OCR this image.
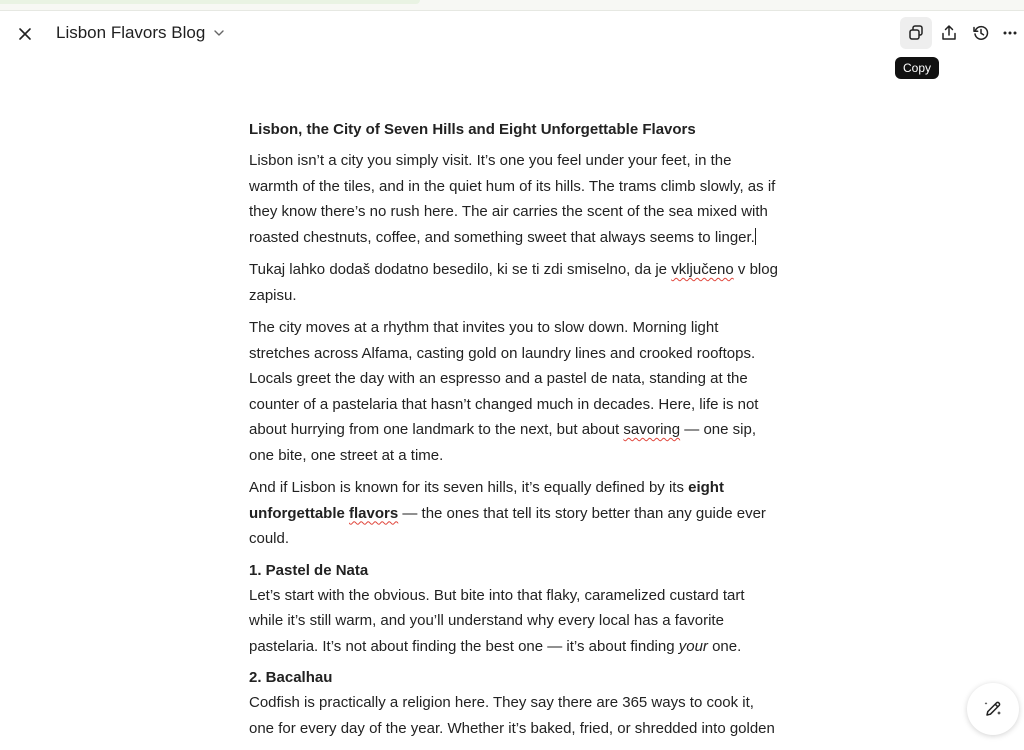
Lisbon Flavors Blog
Copy
Lisbon, the City of Seven Hills and Eight Unforgettable Flavors

Lisbon isn’t a city you simply visit. It’s one you feel under your feet, in the warmth of the tiles, and in the quiet hum of its hills. The trams climb slowly, as if they know there’s no rush here. The air carries the scent of the sea mixed with roasted chestnuts, coffee, and something sweet that always seems to linger.

Tukaj lahko dodaš dodatno besedilo, ki se ti zdi smiselno, da je vključeno v blog zapisu.

The city moves at a rhythm that invites you to slow down. Morning light stretches across Alfama, casting gold on laundry lines and crooked rooftops. Locals greet the day with an espresso and a pastel de nata, standing at the counter of a pastelaria that hasn’t changed much in decades. Here, life is not about hurrying from one landmark to the next, but about savoring — one sip, one bite, one street at a time.

And if Lisbon is known for its seven hills, it’s equally defined by its eight unforgettable flavors — the ones that tell its story better than any guide ever could.

1. Pastel de Nata

Let’s start with the obvious. But bite into that flaky, caramelized custard tart while it’s still warm, and you’ll understand why every local has a favorite pastelaria. It’s not about finding the best one — it’s about finding your one.

2. Bacalhau

Codfish is practically a religion here. They say there are 365 ways to cook it, one for every day of the year. Whether it’s baked, fried, or shredded into golden
